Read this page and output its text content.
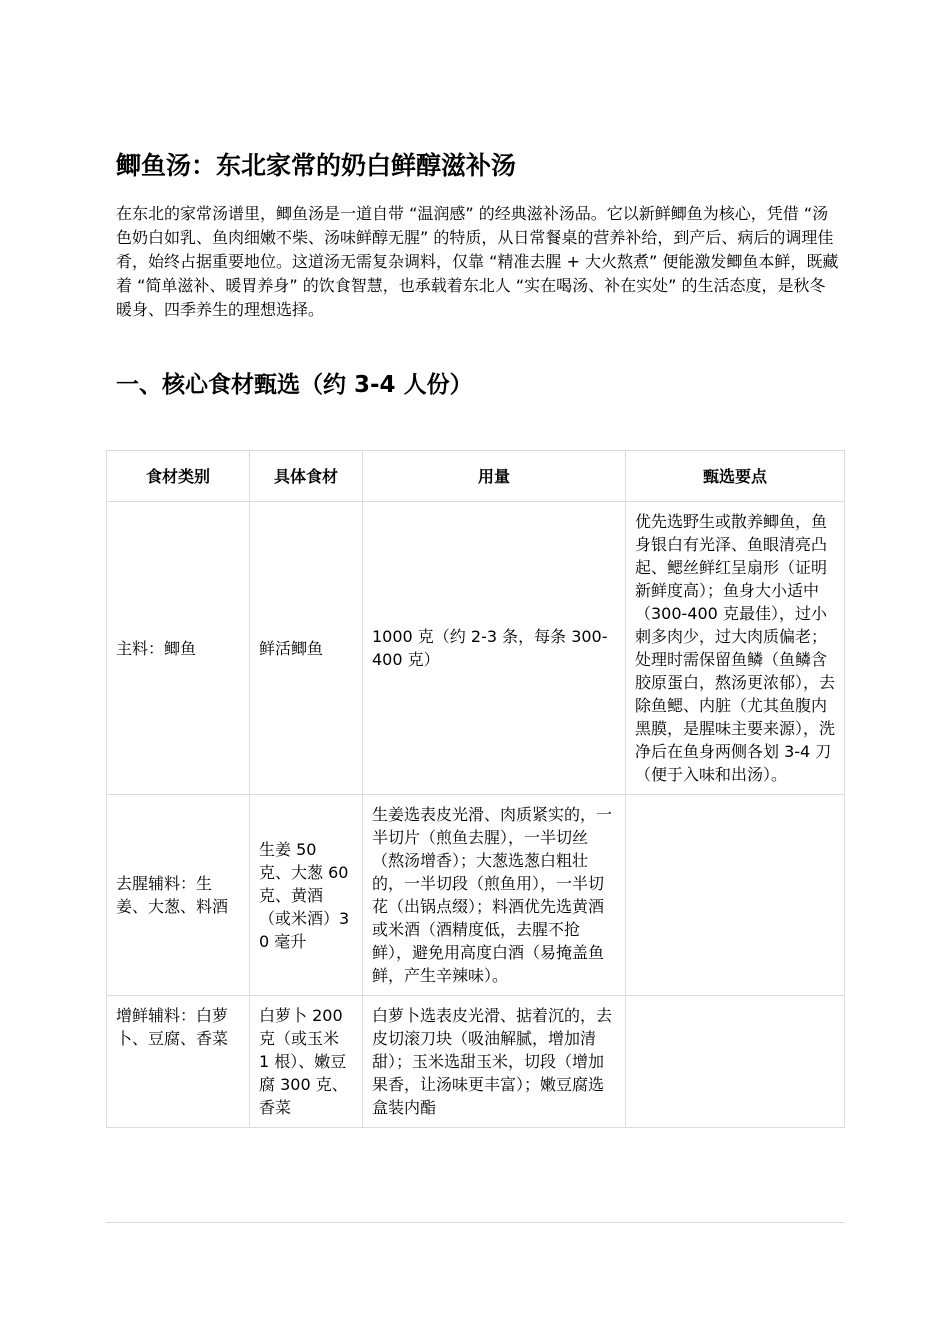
鲫鱼汤：东北家常的奶白鲜醇滋补汤

在东北的家常汤谱里，鲫鱼汤是一道自带 “温润感” 的经典滋补汤品。它以新鲜鲫鱼为核心，凭借 “汤色奶白如乳、鱼肉细嫩不柴、汤味鲜醇无腥” 的特质，从日常餐桌的营养补给，到产后、病后的调理佳肴，始终占据重要地位。这道汤无需复杂调料，仅靠 “精准去腥 + 大火熬煮” 便能激发鲫鱼本鲜，既藏着 “简单滋补、暖胃养身” 的饮食智慧，也承载着东北人 “实在喝汤、补在实处” 的生活态度，是秋冬暖身、四季养生的理想选择。

一、核心食材甄选（约 3-4 人份）
食材类别	具体食材	用量	甄选要点
主料：鲫鱼	鲜活鲫鱼	1000 克（约 2-3 条，每条 300-400 克）	优先选野生或散养鲫鱼，鱼身银白有光泽、鱼眼清亮凸起、鳃丝鲜红呈扇形（证明新鲜度高）；鱼身大小适中（300-400 克最佳），过小刺多肉少，过大肉质偏老；处理时需保留鱼鳞（鱼鳞含胶原蛋白，熬汤更浓郁），去除鱼鳃、内脏（尤其鱼腹内黑膜，是腥味主要来源），洗净后在鱼身两侧各划 3-4 刀（便于入味和出汤）。
去腥辅料：生姜、大葱、料酒	生姜 50 克、大葱 60 克、黄酒（或米酒）30 毫升	生姜选表皮光滑、肉质紧实的，一半切片（煎鱼去腥），一半切丝（熬汤增香）；大葱选葱白粗壮的，一半切段（煎鱼用），一半切花（出锅点缀）；料酒优先选黄酒或米酒（酒精度低，去腥不抢鲜），避免用高度白酒（易掩盖鱼鲜，产生辛辣味）。	
增鲜辅料：白萝卜、豆腐、香菜	白萝卜 200 克（或玉米 1 根）、嫩豆腐 300 克、香菜	白萝卜选表皮光滑、掂着沉的，去皮切滚刀块（吸油解腻，增加清甜）；玉米选甜玉米，切段（增加果香，让汤味更丰富）；嫩豆腐选盒装内酯	
